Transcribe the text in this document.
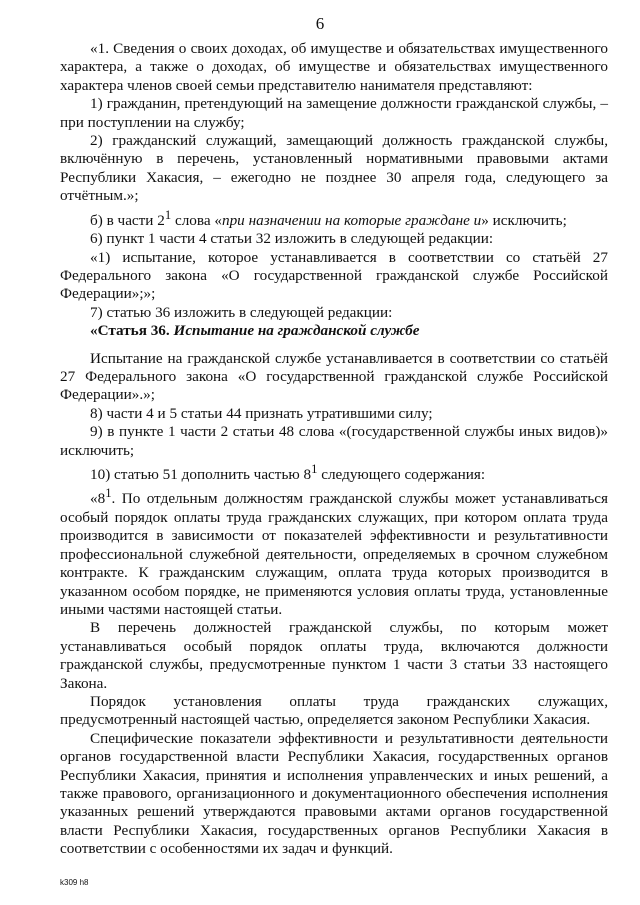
6

«1. Сведения о своих доходах, об имуществе и обязательствах имущественного характера, а также о доходах, об имуществе и обязательствах имущественного характера членов своей семьи представителю нанимателя представляют:

1) гражданин, претендующий на замещение должности гражданской службы, – при поступлении на службу;

2) гражданский служащий, замещающий должность гражданской службы, включённую в перечень, установленный нормативными правовыми актами Республики Хакасия, – ежегодно не позднее 30 апреля года, следующего за отчётным.»;

б) в части $2^1$ слова «при назначении на которые граждане и» исключить;

6) пункт 1 части 4 статьи 32 изложить в следующей редакции:

«1) испытание, которое устанавливается в соответствии со статьёй 27 Федерального закона «О государственной гражданской службе Российской Федерации»;»;

7) статью 36 изложить в следующей редакции:

«Статья 36. Испытание на гражданской службе

Испытание на гражданской службе устанавливается в соответствии со статьёй 27 Федерального закона «О государственной гражданской службе Российской Федерации».»;

8) части 4 и 5 статьи 44 признать утратившими силу;

9) в пункте 1 части 2 статьи 48 слова «(государственной службы иных видов)» исключить;

10) статью 51 дополнить частью $8^1$ следующего содержания:

«$8^1$. По отдельным должностям гражданской службы может устанавливаться особый порядок оплаты труда гражданских служащих, при котором оплата труда производится в зависимости от показателей эффективности и результативности профессиональной служебной деятельности, определяемых в срочном служебном контракте. К гражданским служащим, оплата труда которых производится в указанном особом порядке, не применяются условия оплаты труда, установленные иными частями настоящей статьи.

В перечень должностей гражданской службы, по которым может устанавливаться особый порядок оплаты труда, включаются должности гражданской службы, предусмотренные пунктом 1 части 3 статьи 33 настоящего Закона.

Порядок установления оплаты труда гражданских служащих, предусмотренный настоящей частью, определяется законом Республики Хакасия.

Специфические показатели эффективности и результативности деятельности органов государственной власти Республики Хакасия, государственных органов Республики Хакасия, принятия и исполнения управленческих и иных решений, а также правового, организационного и документационного обеспечения исполнения указанных решений утверждаются правовыми актами органов государственной власти Республики Хакасия, государственных органов Республики Хакасия в соответствии с особенностями их задач и функций.

k309 h8
